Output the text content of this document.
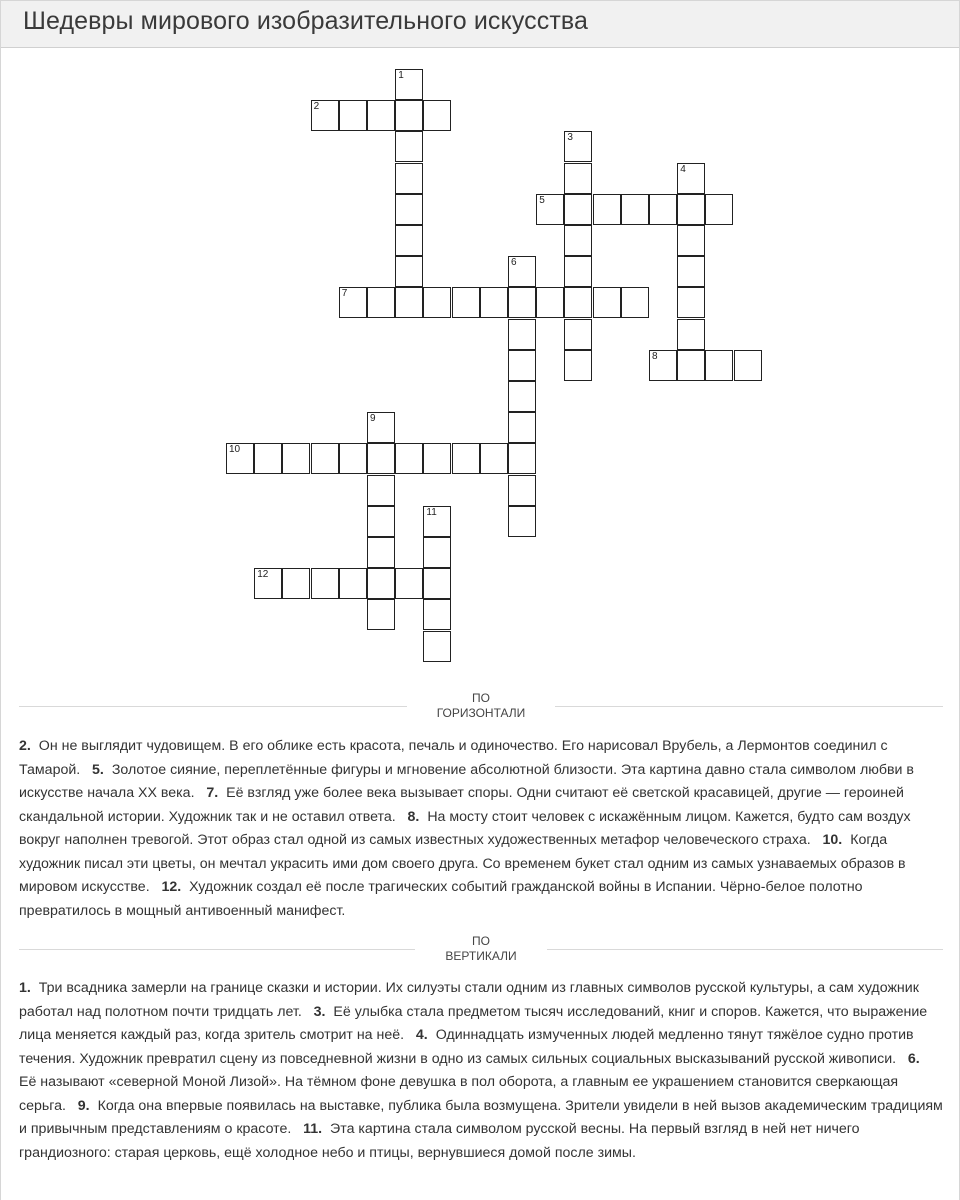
Шедевры мирового изобразительного искусства
1
2
3
4
5
6
7
8
9
10
11
12
ПО
ГОРИЗОНТАЛИ
2. Он не выглядит чудовищем. В его облике есть красота, печаль и одиночество. Его нарисовал Врубель, а Лермонтов соединил с Тамарой. 5. Золотое сияние, переплетённые фигуры и мгновение абсолютной близости. Эта картина давно стала символом любви в искусстве начала ХХ века. 7. Её взгляд уже более века вызывает споры. Одни считают её светской красавицей, другие — героиней скандальной истории. Художник так и не оставил ответа. 8. На мосту стоит человек с искажённым лицом. Кажется, будто сам воздух вокруг наполнен тревогой. Этот образ стал одной из самых известных художественных метафор человеческого страха. 10. Когда художник писал эти цветы, он мечтал украсить ими дом своего друга. Со временем букет стал одним из самых узнаваемых образов в мировом искусстве. 12. Художник создал её после трагических событий гражданской войны в Испании. Чёрно-белое полотно превратилось в мощный антивоенный манифест.
ПО
ВЕРТИКАЛИ
1. Три всадника замерли на границе сказки и истории. Их силуэты стали одним из главных символов русской культуры, а сам художник работал над полотном почти тридцать лет. 3. Её улыбка стала предметом тысяч исследований, книг и споров. Кажется, что выражение лица меняется каждый раз, когда зритель смотрит на неё. 4. Одиннадцать измученных людей медленно тянут тяжёлое судно против течения. Художник превратил сцену из повседневной жизни в одно из самых сильных социальных высказываний русской живописи. 6. Её называют «северной Моной Лизой». На тёмном фоне девушка в пол оборота, а главным ее украшением становится сверкающая серьга. 9. Когда она впервые появилась на выставке, публика была возмущена. Зрители увидели в ней вызов академическим традициям и привычным представлениям о красоте. 11. Эта картина стала символом русской весны. На первый взгляд в ней нет ничего грандиозного: старая церковь, ещё холодное небо и птицы, вернувшиеся домой после зимы.
